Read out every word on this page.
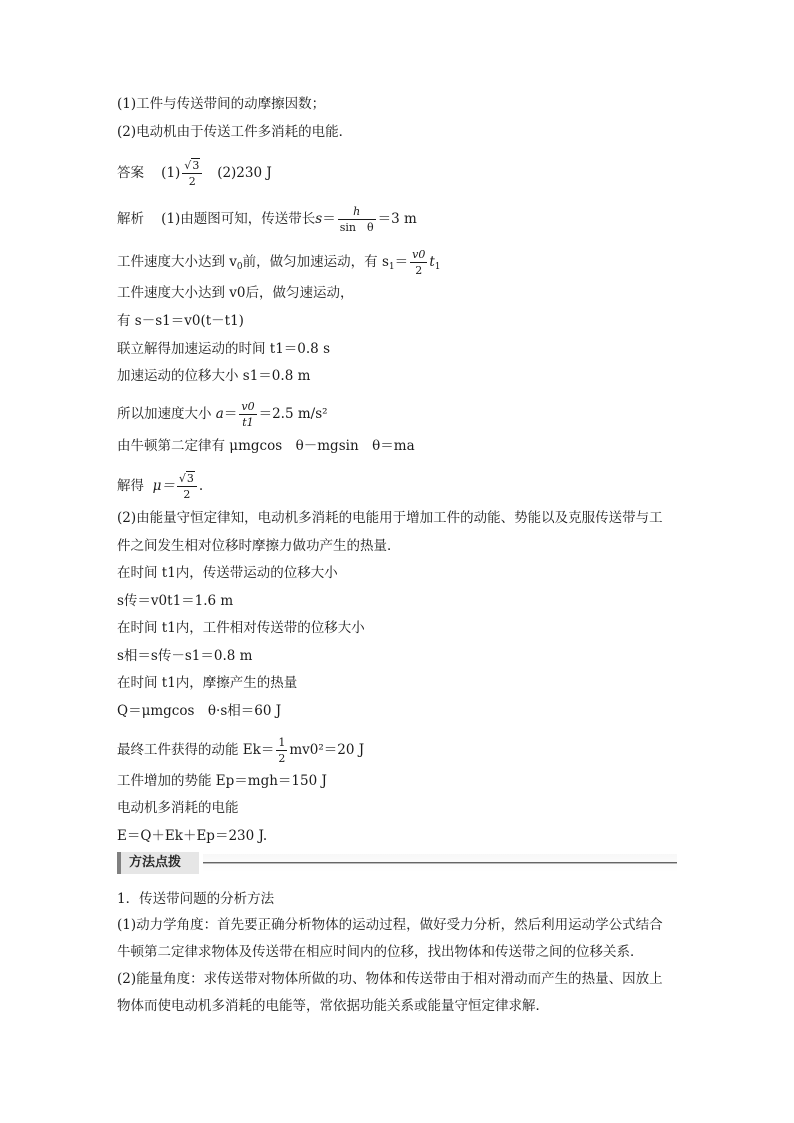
(1)工件与传送带间的动摩擦因数；
(2)电动机由于传送工件多消耗的电能．
答案 $(1) \frac{√3}{2} (2)230$ J
解析 (1)由题图可知，传送带长$s= \frac{h}{\text{sin　θ}} =3$ m
工件速度大小达到 $v_0$前，做匀加速运动，有 $s_1= \frac{v0}{2} t_1$
工件速度大小达到 v0后，做匀速运动，
有 s－s1＝v0(t－t1)
联立解得加速运动的时间 t1＝0.8 s
加速运动的位移大小 s1＝0.8 m
所以加速度大小 $a= \frac{v0}{t1} =2.5$ m/s²
由牛顿第二定律有 μmgcos　θ－mgsin　θ＝ma
解得 $\mu= \frac{√3}{2}$ .
(2)由能量守恒定律知，电动机多消耗的电能用于增加工件的动能、势能以及克服传送带与工
件之间发生相对位移时摩擦力做功产生的热量．
在时间 t1内，传送带运动的位移大小
s传＝v0t1＝1.6 m
在时间 t1内，工件相对传送带的位移大小
s相＝s传－s1＝0.8 m
在时间 t1内，摩擦产生的热量
Q＝μmgcos　θ·s相＝60 J
最终工件获得的动能 $Ek= \frac{1}{2} mv0^2=20$ J
工件增加的势能 Ep＝mgh＝150 J
电动机多消耗的电能
E＝Q＋Ek＋Ep＝230 J.
方法点拨
1．传送带问题的分析方法
(1)动力学角度：首先要正确分析物体的运动过程，做好受力分析，然后利用运动学公式结合
牛顿第二定律求物体及传送带在相应时间内的位移，找出物体和传送带之间的位移关系．
(2)能量角度：求传送带对物体所做的功、物体和传送带由于相对滑动而产生的热量、因放上
物体而使电动机多消耗的电能等，常依据功能关系或能量守恒定律求解．
